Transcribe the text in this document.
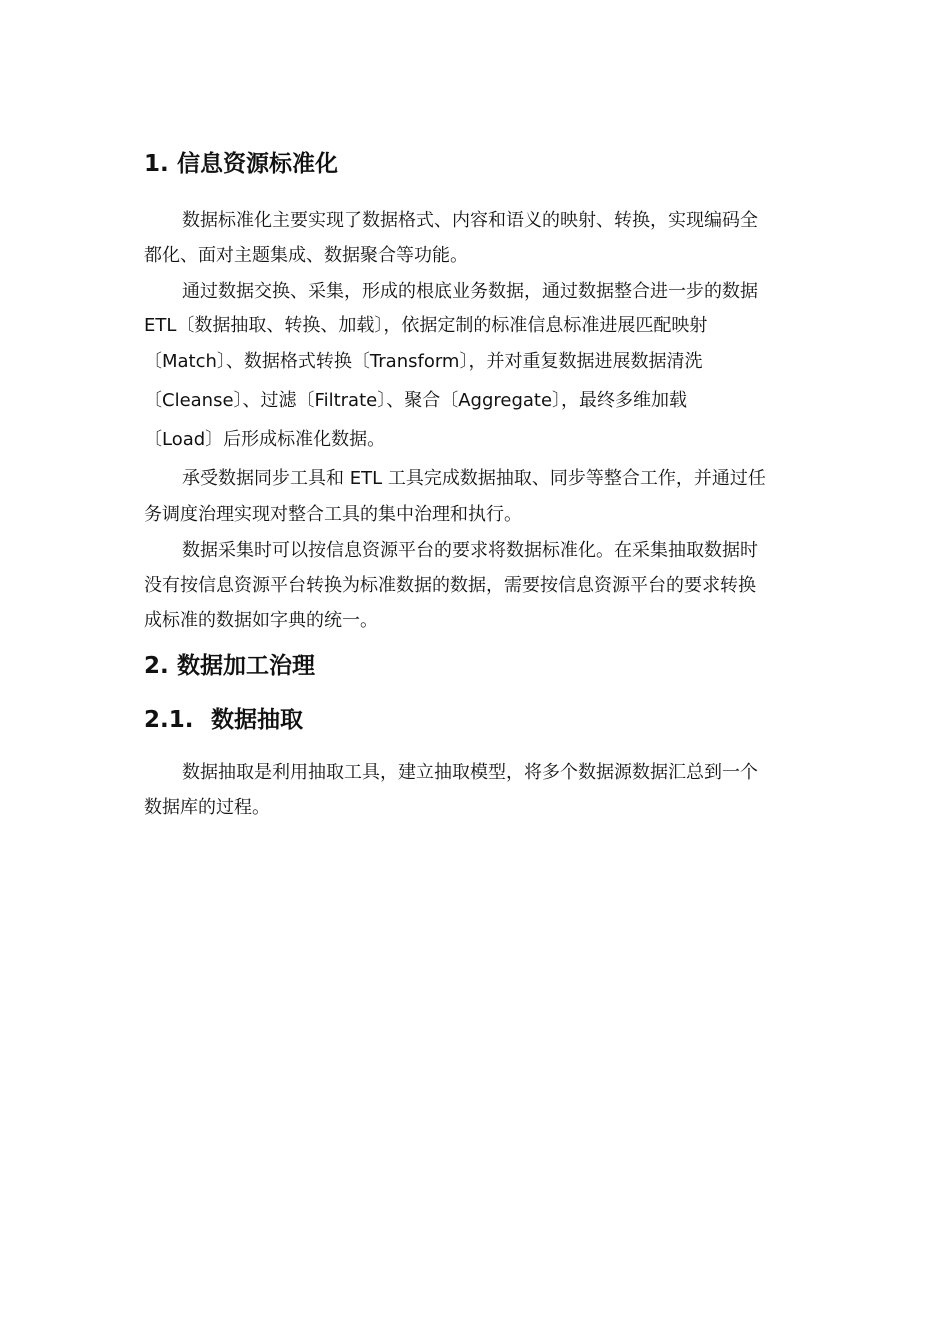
1. 信息资源标准化

数据标准化主要实现了数据格式、内容和语义的映射、转换，实现编码全

都化、面对主题集成、数据聚合等功能。

通过数据交换、采集，形成的根底业务数据，通过数据整合进一步的数据

ETL〔数据抽取、转换、加载〕，依据定制的标准信息标准进展匹配映射

〔Match〕、数据格式转换〔Transform〕，并对重复数据进展数据清洗

〔Cleanse〕、过滤〔Filtrate〕、聚合〔Aggregate〕，最终多维加载

〔Load〕后形成标准化数据。

承受数据同步工具和 ETL 工具完成数据抽取、同步等整合工作，并通过任

务调度治理实现对整合工具的集中治理和执行。

数据采集时可以按信息资源平台的要求将数据标准化。在采集抽取数据时

没有按信息资源平台转换为标准数据的数据，需要按信息资源平台的要求转换

成标准的数据如字典的统一。

2. 数据加工治理
2.1. 数据抽取

数据抽取是利用抽取工具，建立抽取模型，将多个数据源数据汇总到一个

数据库的过程。
